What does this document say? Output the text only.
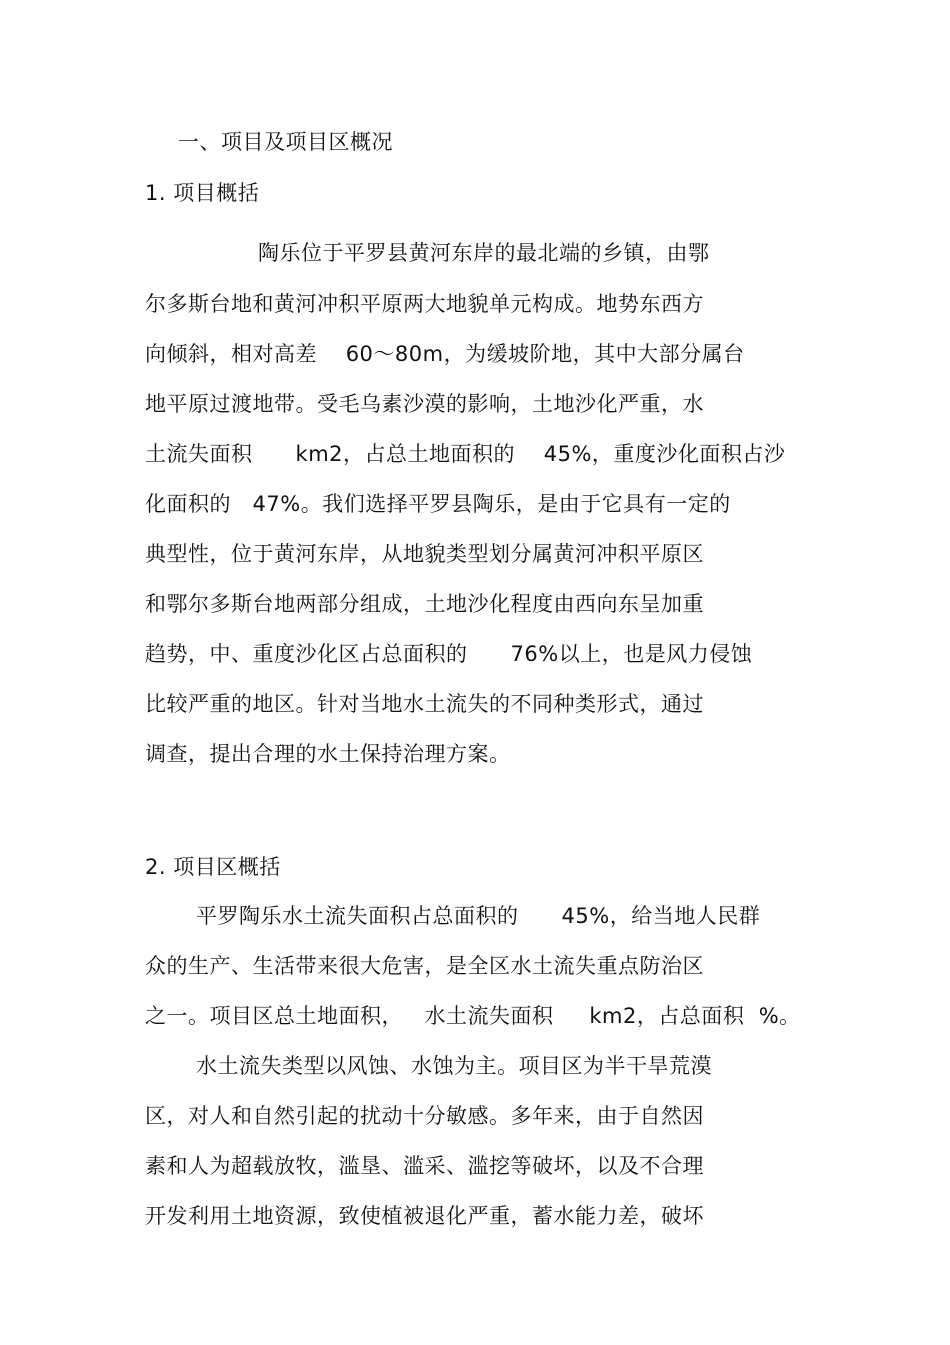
一、项目及项目区概况
1. 项目概括
陶乐位于平罗县黄河东岸的最北端的乡镇，由鄂
尔多斯台地和黄河冲积平原两大地貌单元构成。地势东西方
向倾斜，相对高差    60～80m，为缓坡阶地，其中大部分属台
地平原过渡地带。受毛乌素沙漠的影响，土地沙化严重，水
土流失面积      km2，占总土地面积的    45%，重度沙化面积占沙
化面积的   47%。我们选择平罗县陶乐，是由于它具有一定的
典型性，位于黄河东岸，从地貌类型划分属黄河冲积平原区
和鄂尔多斯台地两部分组成，土地沙化程度由西向东呈加重
趋势，中、重度沙化区占总面积的      76%以上，也是风力侵蚀
比较严重的地区。针对当地水土流失的不同种类形式，通过
调查，提出合理的水土保持治理方案。
2. 项目区概括
平罗陶乐水土流失面积占总面积的      45%，给当地人民群
众的生产、生活带来很大危害，是全区水土流失重点防治区
之一。项目区总土地面积，   水土流失面积     km2，占总面积  %。
水土流失类型以风蚀、水蚀为主。项目区为半干旱荒漠
区，对人和自然引起的扰动十分敏感。多年来，由于自然因
素和人为超载放牧，滥垦、滥采、滥挖等破坏，以及不合理
开发利用土地资源，致使植被退化严重，蓄水能力差，破坏
